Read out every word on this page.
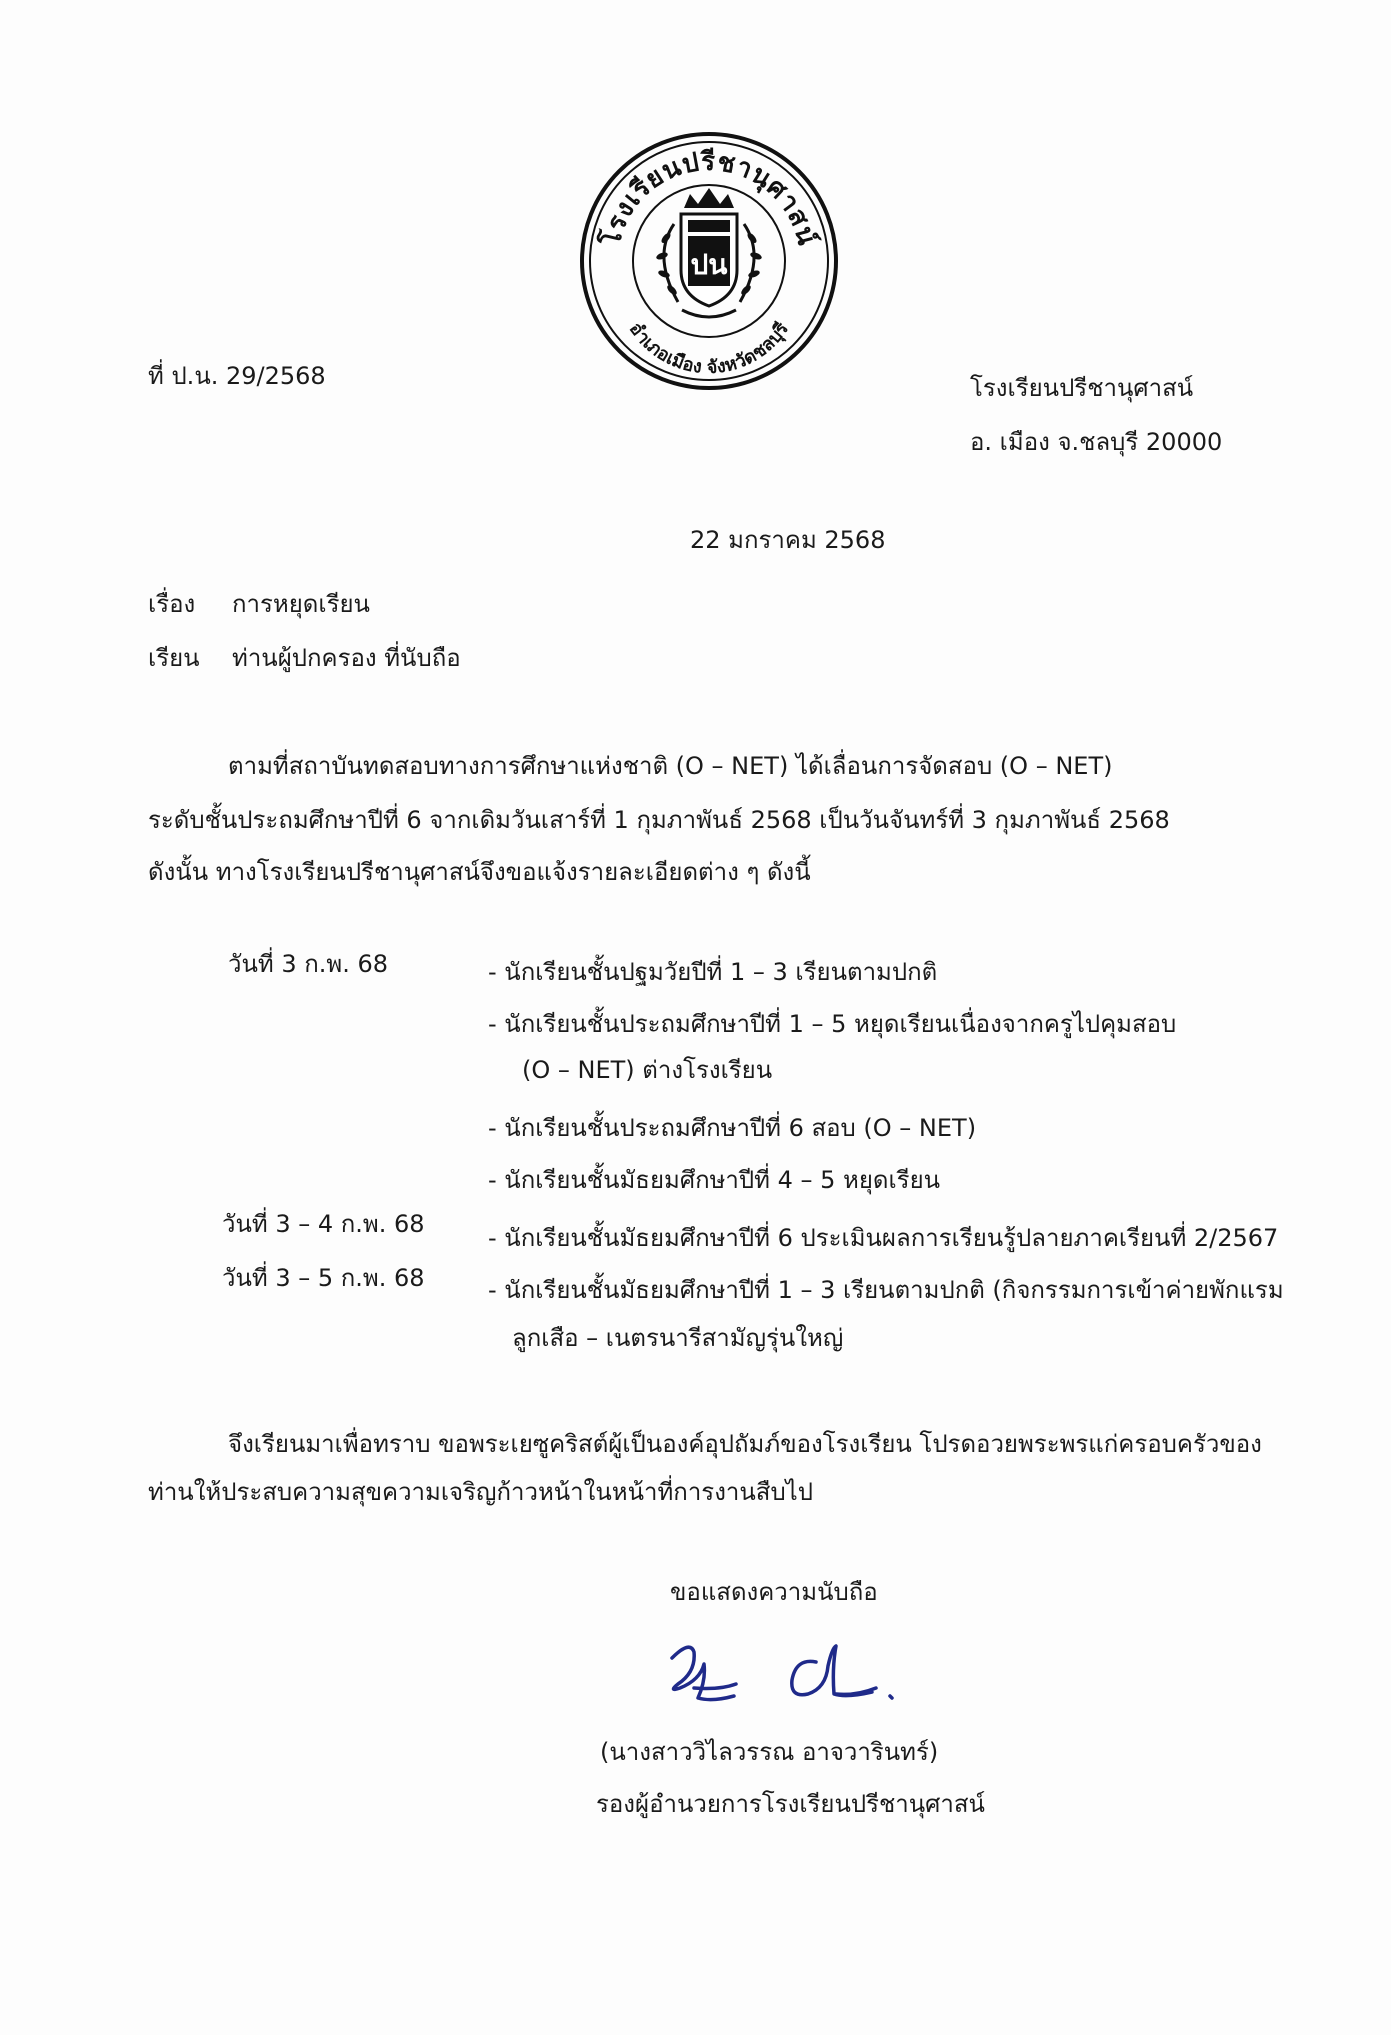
โรงเรียนปรีชานุศาสน์
อำเภอเมือง จังหวัดชลบุรี
ปน
ที่ ป.น. 29/2568	โรงเรียนปรีชานุศาสน์
อ. เมือง จ.ชลบุรี 20000
22 มกราคม 2568
เรื่อง การหยุดเรียน
เรียน ท่านผู้ปกครอง ที่นับถือ
ตามที่สถาบันทดสอบทางการศึกษาแห่งชาติ (O – NET) ได้เลื่อนการจัดสอบ (O – NET)
ระดับชั้นประถมศึกษาปีที่ 6 จากเดิมวันเสาร์ที่ 1 กุมภาพันธ์ 2568 เป็นวันจันทร์ที่ 3 กุมภาพันธ์ 2568
ดังนั้น ทางโรงเรียนปรีชานุศาสน์จึงขอแจ้งรายละเอียดต่าง ๆ ดังนี้
วันที่ 3 ก.พ. 68	- นักเรียนชั้นปฐมวัยปีที่ 1 – 3 เรียนตามปกติ
- นักเรียนชั้นประถมศึกษาปีที่ 1 – 5 หยุดเรียนเนื่องจากครูไปคุมสอบ
(O – NET) ต่างโรงเรียน
- นักเรียนชั้นประถมศึกษาปีที่ 6 สอบ (O – NET)
- นักเรียนชั้นมัธยมศึกษาปีที่ 4 – 5 หยุดเรียน
วันที่ 3 – 4 ก.พ. 68	- นักเรียนชั้นมัธยมศึกษาปีที่ 6 ประเมินผลการเรียนรู้ปลายภาคเรียนที่ 2/2567
วันที่ 3 – 5 ก.พ. 68	- นักเรียนชั้นมัธยมศึกษาปีที่ 1 – 3 เรียนตามปกติ (กิจกรรมการเข้าค่ายพักแรม
ลูกเสือ – เนตรนารีสามัญรุ่นใหญ่
จึงเรียนมาเพื่อทราบ ขอพระเยซูคริสต์ผู้เป็นองค์อุปถัมภ์ของโรงเรียน โปรดอวยพระพรแก่ครอบครัวของ
ท่านให้ประสบความสุขความเจริญก้าวหน้าในหน้าที่การงานสืบไป
ขอแสดงความนับถือ
(นางสาววิไลวรรณ อาจวารินทร์)
รองผู้อำนวยการโรงเรียนปรีชานุศาสน์
